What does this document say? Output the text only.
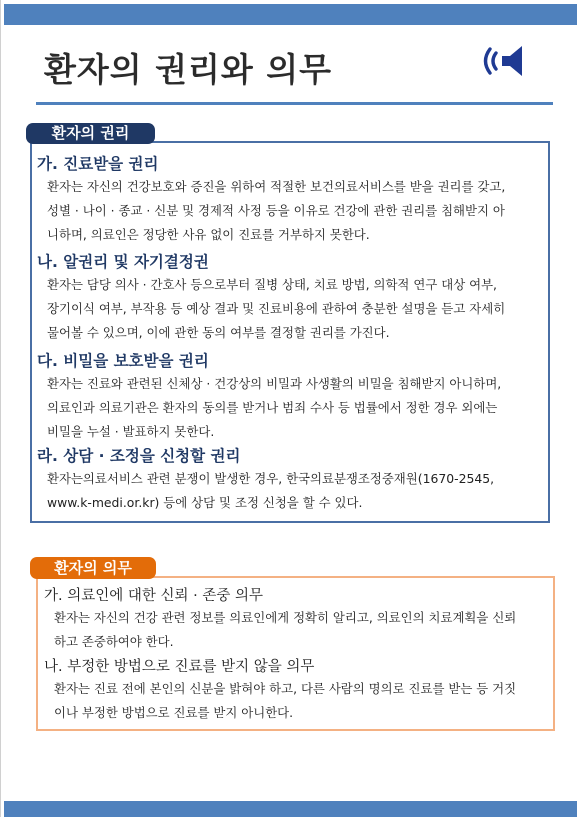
환자의 권리와 의무
환자의 권리
가. 진료받을 권리
환자는 자신의 건강보호와 증진을 위하여 적절한 보건의료서비스를 받을 권리를 갖고,
성별 · 나이 · 종교 · 신분 및 경제적 사정 등을 이유로 건강에 관한 권리를 침해받지 아
니하며, 의료인은 정당한 사유 없이 진료를 거부하지 못한다.
나. 알권리 및 자기결정권
환자는 담당 의사 · 간호사 등으로부터 질병 상태, 치료 방법, 의학적 연구 대상 여부,
장기이식 여부, 부작용 등 예상 결과 및 진료비용에 관하여 충분한 설명을 듣고 자세히
물어볼 수 있으며, 이에 관한 동의 여부를 결정할 권리를 가진다.
다. 비밀을 보호받을 권리
환자는 진료와 관련된 신체상 · 건강상의 비밀과 사생활의 비밀을 침해받지 아니하며,
의료인과 의료기관은 환자의 동의를 받거나 범죄 수사 등 법률에서 정한 경우 외에는
비밀을 누설 · 발표하지 못한다.
라. 상담 · 조정을 신청할 권리
환자는의료서비스 관련 분쟁이 발생한 경우, 한국의료분쟁조정중재원(1670-2545,
www.k-medi.or.kr) 등에 상담 및 조정 신청을 할 수 있다.
환자의 의무
가. 의료인에 대한 신뢰 · 존중 의무
환자는 자신의 건강 관련 정보를 의료인에게 정확히 알리고, 의료인의 치료계획을 신뢰
하고 존중하여야 한다.
나. 부정한 방법으로 진료를 받지 않을 의무
환자는 진료 전에 본인의 신분을 밝혀야 하고, 다른 사람의 명의로 진료를 받는 등 거짓
이나 부정한 방법으로 진료를 받지 아니한다.
